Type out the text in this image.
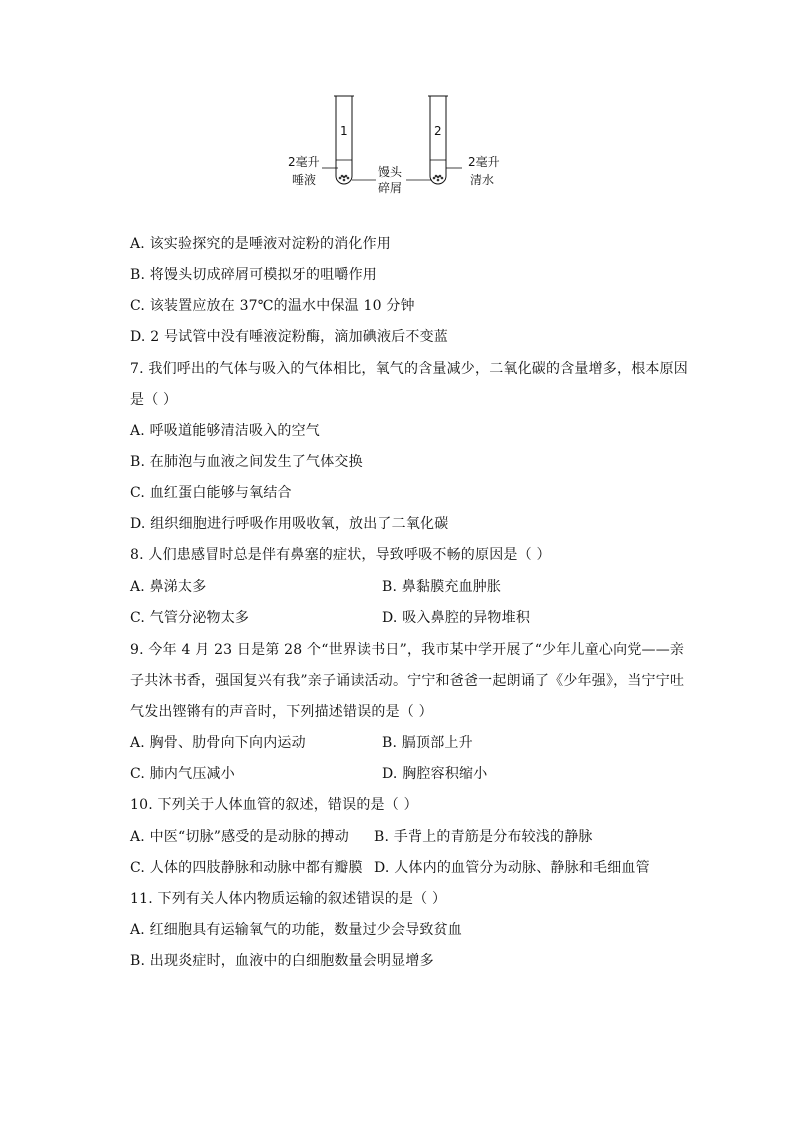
1	2
2毫升
唾液
馒头
碎屑
2毫升
清水
A. 该实验探究的是唾液对淀粉的消化作用
B. 将馒头切成碎屑可模拟牙的咀嚼作用
C. 该装置应放在 37℃的温水中保温 10 分钟
D. 2 号试管中没有唾液淀粉酶，滴加碘液后不变蓝
7. 我们呼出的气体与吸入的气体相比，氧气的含量减少，二氧化碳的含量增多，根本原因
是（ ）
A. 呼吸道能够清洁吸入的空气
B. 在肺泡与血液之间发生了气体交换
C. 血红蛋白能够与氧结合
D. 组织细胞进行呼吸作用吸收氧，放出了二氧化碳
8. 人们患感冒时总是伴有鼻塞的症状，导致呼吸不畅的原因是（ ）
A. 鼻涕太多	B. 鼻黏膜充血肿胀
C. 气管分泌物太多	D. 吸入鼻腔的异物堆积
9. 今年 4 月 23 日是第 28 个“世界读书日”，我市某中学开展了“少年儿童心向党——亲
子共沐书香，强国复兴有我”亲子诵读活动。宁宁和爸爸一起朗诵了《少年强》，当宁宁吐
气发出铿锵有的声音时，下列描述错误的是（ ）
A. 胸骨、肋骨向下向内运动	B. 膈顶部上升
C. 肺内气压减小	D. 胸腔容积缩小
10. 下列关于人体血管的叙述，错误的是（ ）
A. 中医“切脉”感受的是动脉的搏动 B. 手背上的青筋是分布较浅的静脉
C. 人体的四肢静脉和动脉中都有瓣膜 D. 人体内的血管分为动脉、静脉和毛细血管
11. 下列有关人体内物质运输的叙述错误的是（ ）
A. 红细胞具有运输氧气的功能，数量过少会导致贫血
B. 出现炎症时，血液中的白细胞数量会明显增多
